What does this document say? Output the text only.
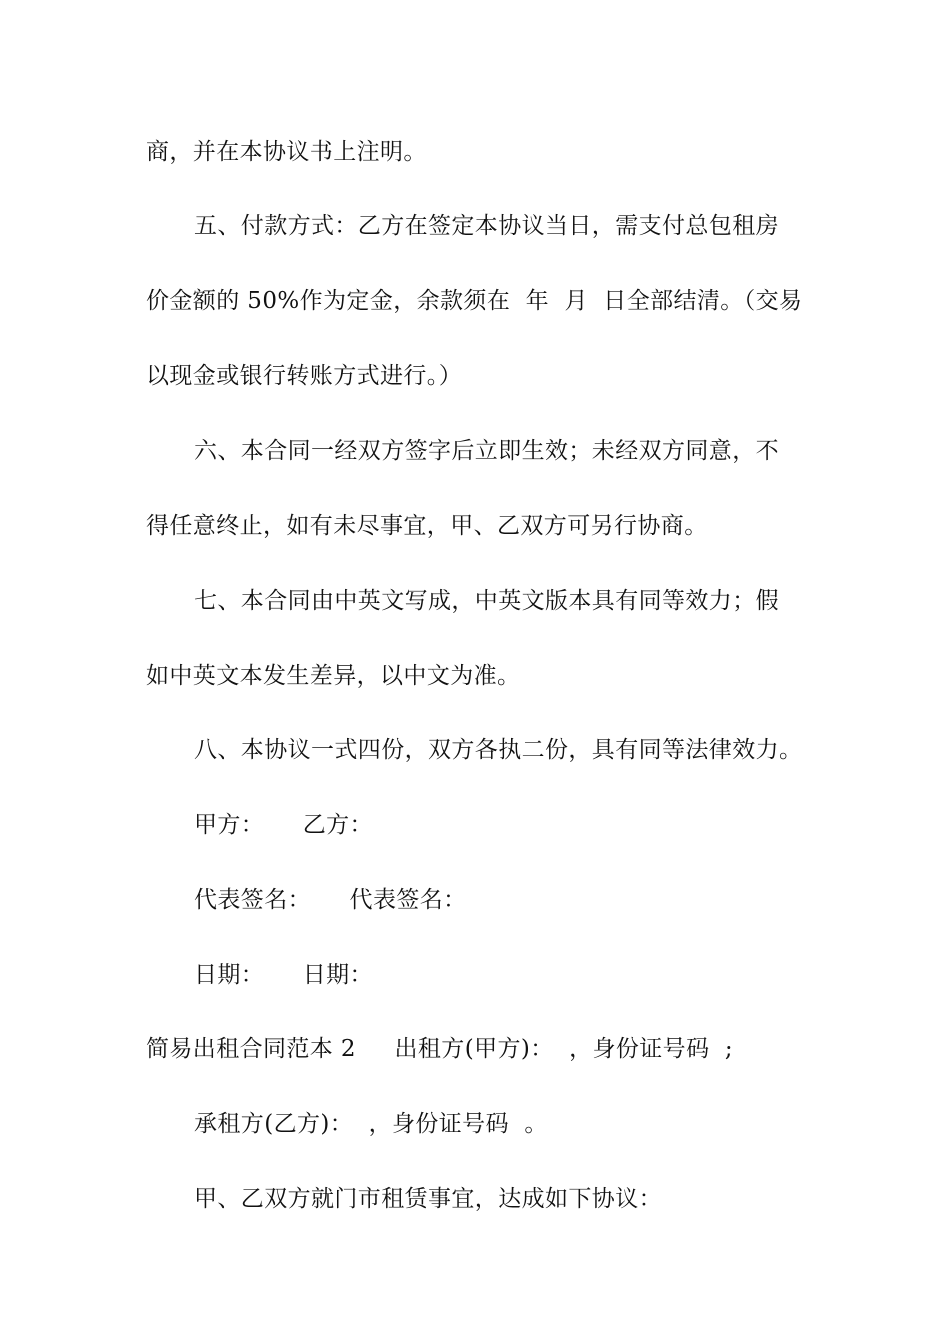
商，并在本协议书上注明。
五、付款方式：乙方在签定本协议当日，需支付总包租房
价金额的 50%作为定金，余款须在  年  月  日全部结清。（交易
以现金或银行转账方式进行。）
六、本合同一经双方签字后立即生效；未经双方同意，不
得任意终止，如有未尽事宜，甲、乙双方可另行协商。
七、本合同由中英文写成，中英文版本具有同等效力；假
如中英文本发生差异，以中文为准。
八、本协议一式四份，双方各执二份，具有同等法律效力。
甲方：     乙方：
代表签名：     代表签名：
日期：     日期：
简易出租合同范本 2     出租方(甲方)：  ，身份证号码  ;
承租方(乙方)：  ，身份证号码  。
甲、乙双方就门市租赁事宜，达成如下协议：
